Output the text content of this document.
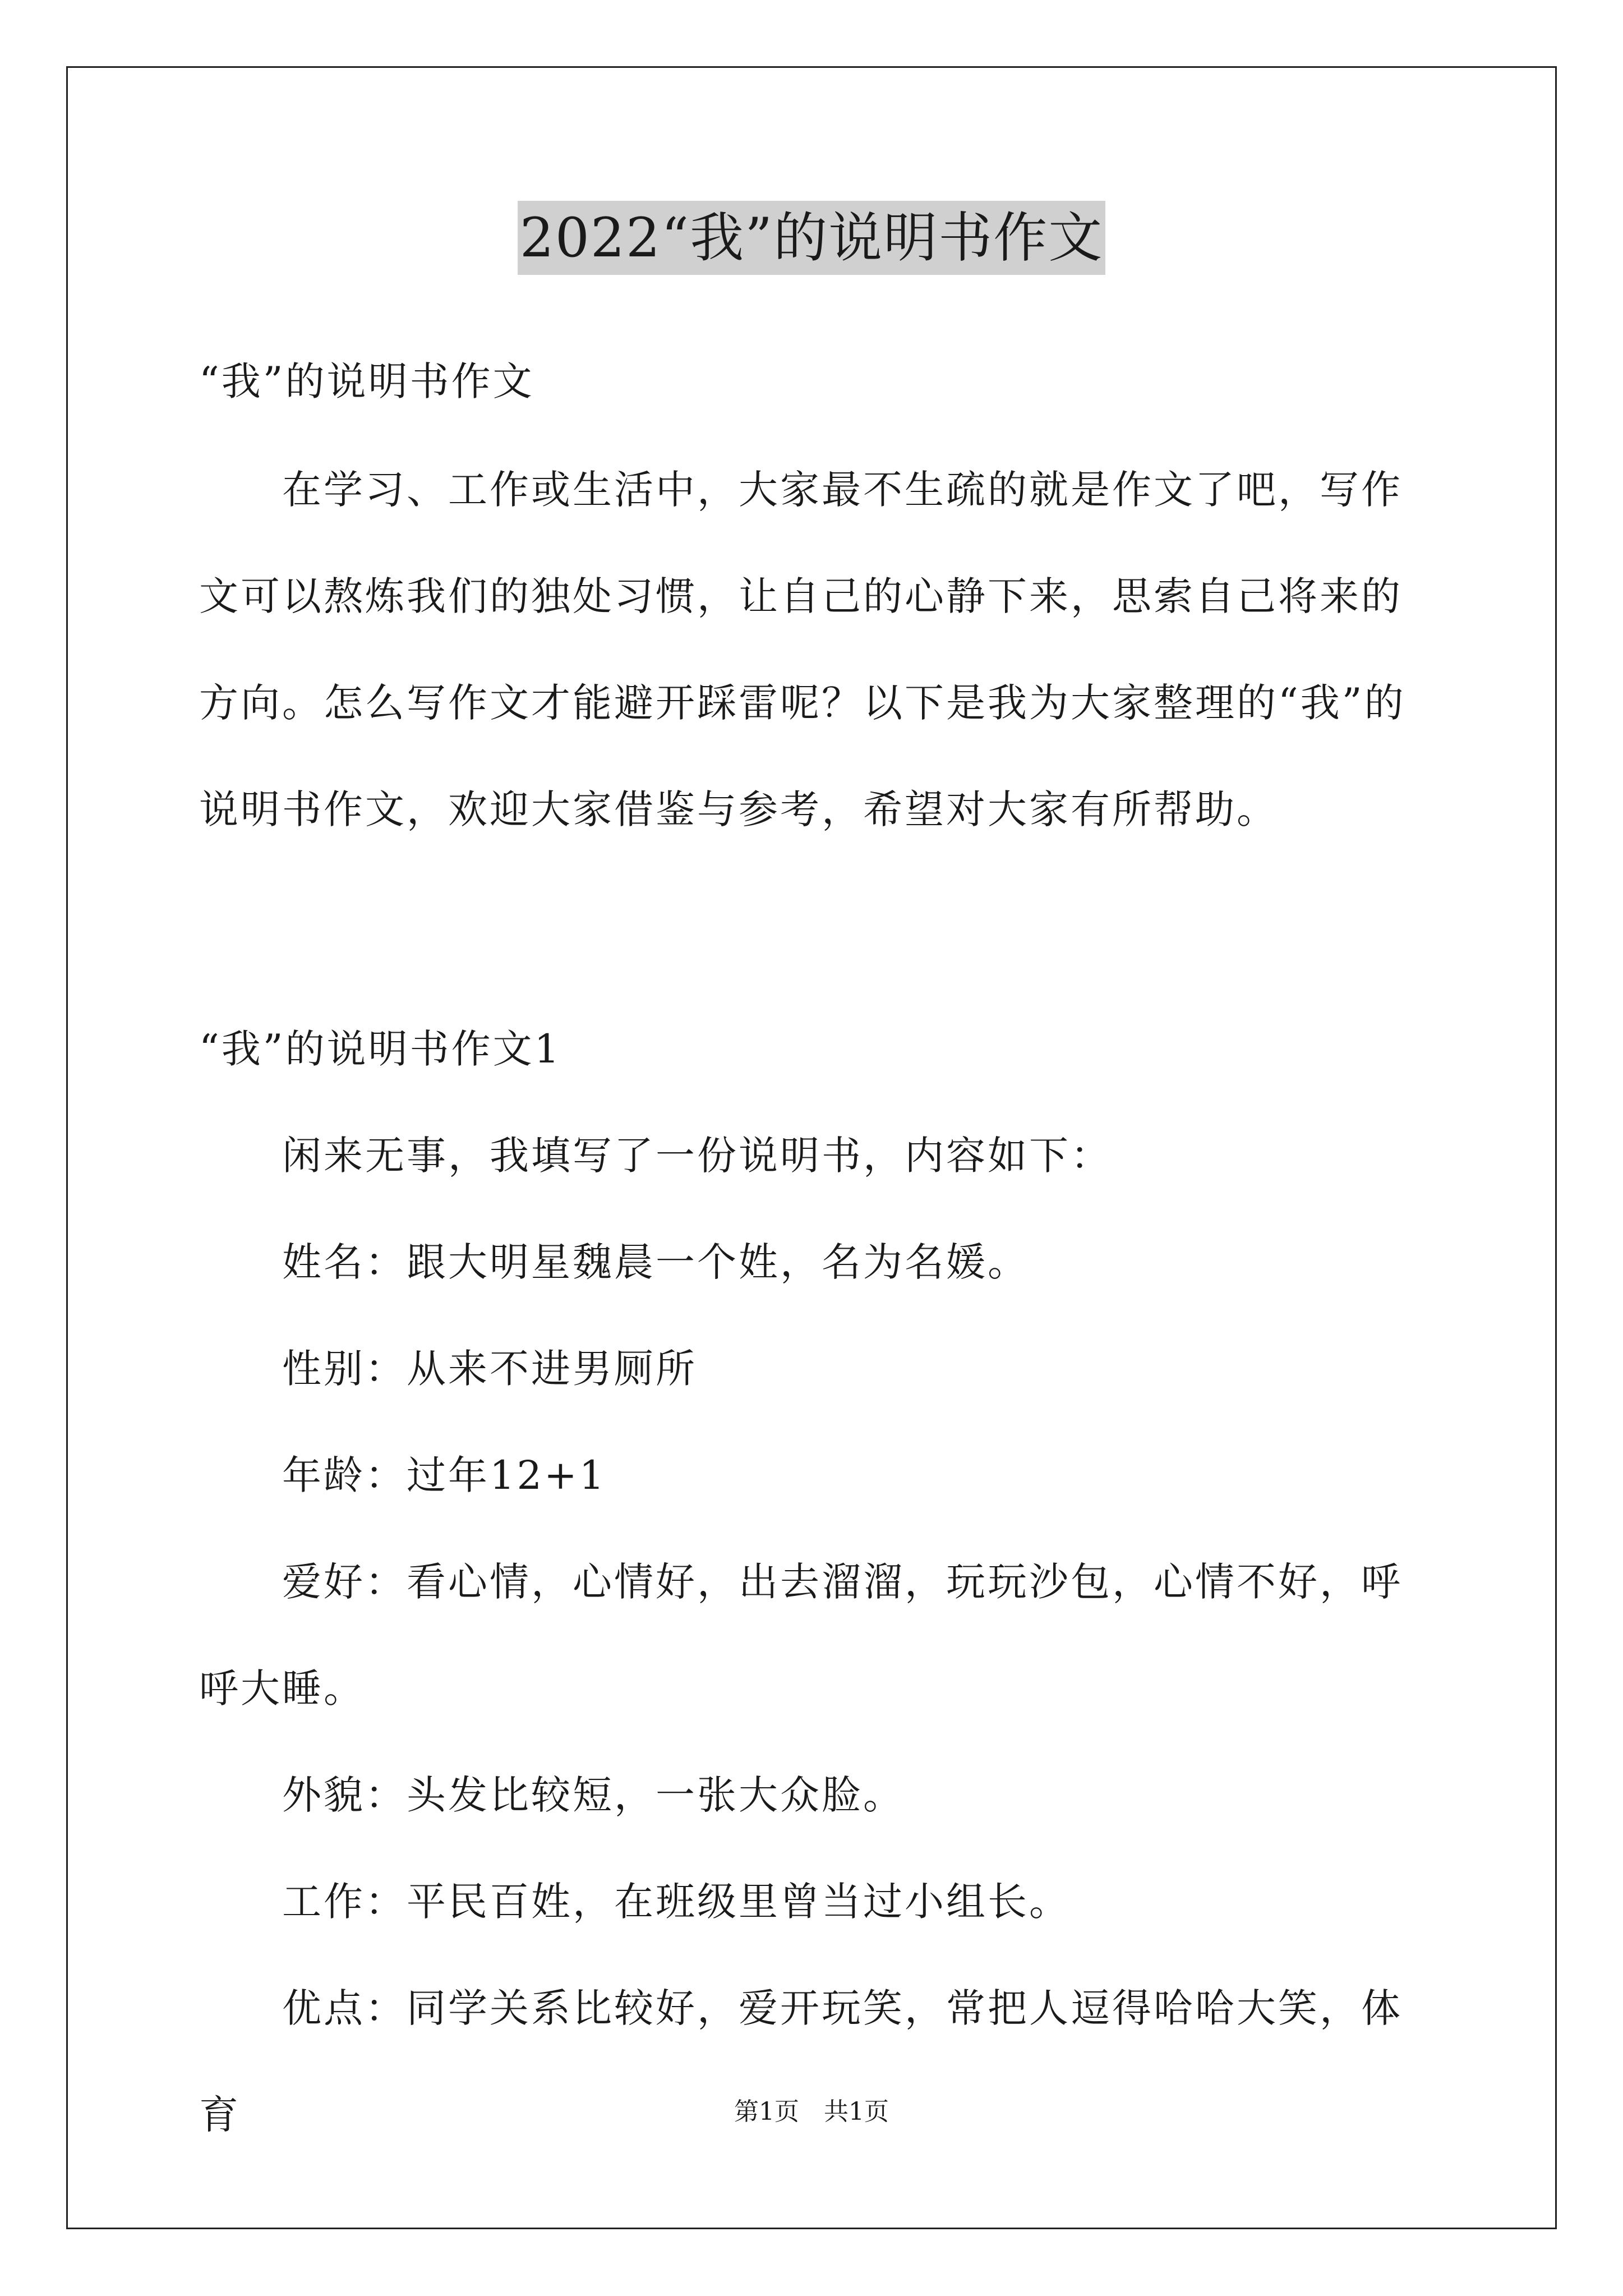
2022“我”的说明书作文

“我”的说明书作文

在学习、工作或生活中，大家最不生疏的就是作文了吧，写作文可以熬炼我们的独处习惯，让自己的心静下来，思索自己将来的方向。怎么写作文才能避开踩雷呢？以下是我为大家整理的“我”的说明书作文，欢迎大家借鉴与参考，希望对大家有所帮助。

“我”的说明书作文1

闲来无事，我填写了一份说明书，内容如下：

姓名：跟大明星魏晨一个姓，名为名媛。

性别：从来不进男厕所

年龄：过年12+1

爱好：看心情，心情好，出去溜溜，玩玩沙包，心情不好，呼呼大睡。

外貌：头发比较短，一张大众脸。

工作：平民百姓，在班级里曾当过小组长。

优点：同学关系比较好，爱开玩笑，常把人逗得哈哈大笑，体育	第1页　共1页
